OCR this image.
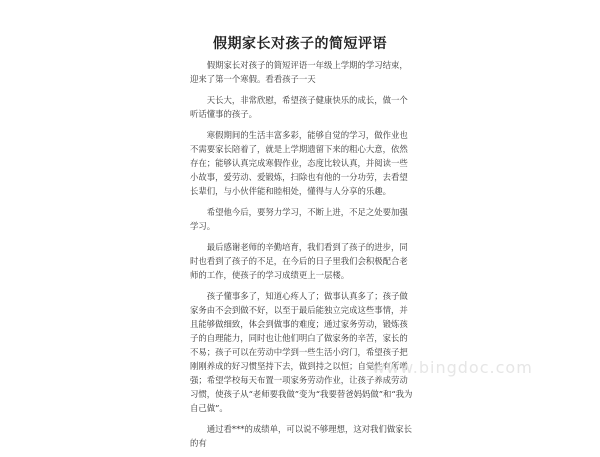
假期家长对孩子的简短评语

假期家长对孩子的简短评语一年级上学期的学习结束，迎来了第一个寒假。看看孩子一天

天长大，非常欣慰，希望孩子健康快乐的成长，做一个听话懂事的孩子。

寒假期间的生活丰富多彩，能够自觉的学习，做作业也不需要家长陪着了，就是上学期遗留下来的粗心大意，依然存在；能够认真完成寒假作业，态度比较认真，并阅读一些小故事，爱劳动、爱锻炼，扫除也有他的一分功劳，去看望长辈们，与小伙伴能和睦相处，懂得与人分享的乐趣。

希望他今后，要努力学习，不断上进，不足之处要加强学习。

最后感谢老师的辛勤培育，我们看到了孩子的进步，同时也看到了孩子的不足，在今后的日子里我们会积极配合老师的工作，使孩子的学习成绩更上一层楼。

孩子懂事多了，知道心疼人了；做事认真多了；孩子做家务由不会到做不好，以至于最后能独立完成这些事情，并且能够做细致，体会到做事的难度；通过家务劳动，锻炼孩子的自理能力，同时也让他们明白了做家务的辛苦，家长的不易；孩子可以在劳动中学到一些生活小窍门，希望孩子把刚刚养成的好习惯坚持下去，做到持之以恒；自觉性有所增强；希望学校每天布置一项家务劳动作业，让孩子养成劳动习惯，使孩子从“老师要我做”变为“我要替爸妈妈做”和“我为自己做”。

通过看***的成绩单，可以说不够理想，这对我们做家长的有

www.bingdoc.com
